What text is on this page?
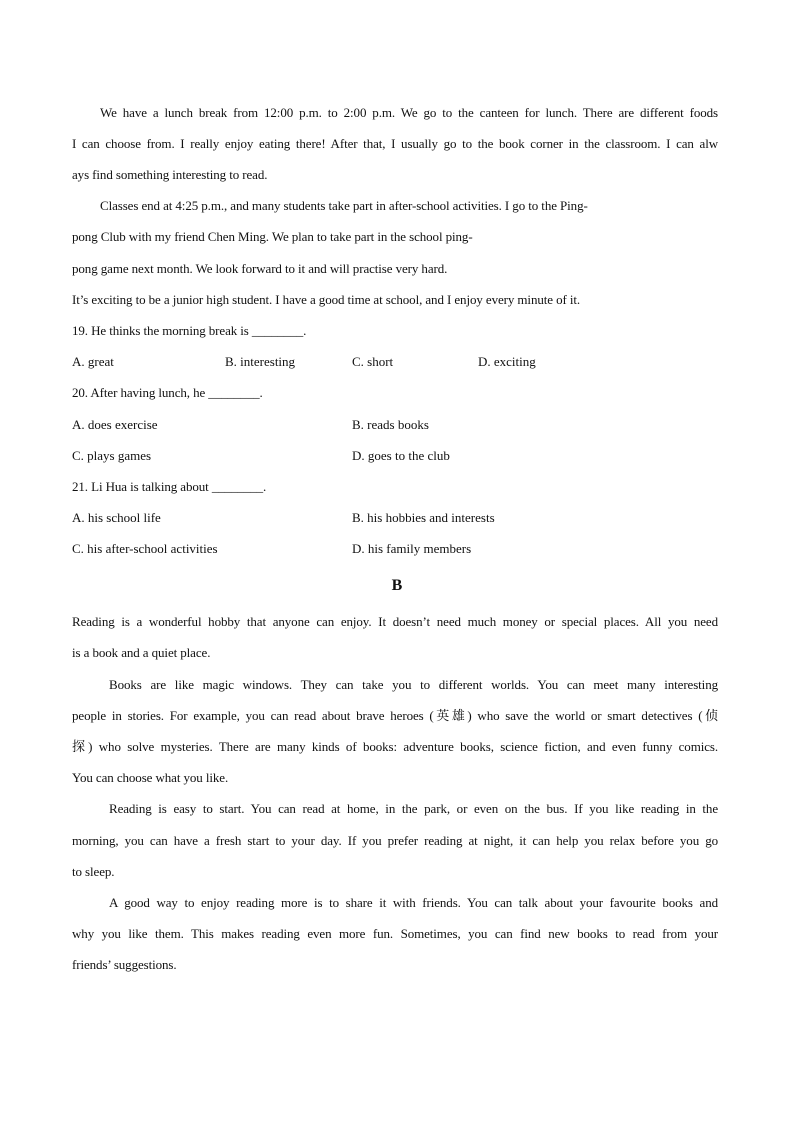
We have a lunch break from 12:00 p.m. to 2:00 p.m. We go to the canteen for lunch. There are different foods
I can choose from. I really enjoy eating there! After that, I usually go to the book corner in the classroom. I can alw
ays find something interesting to read.
Classes end at 4:25 p.m., and many students take part in after-school activities. I go to the Ping-
pong Club with my friend Chen Ming. We plan to take part in the school ping-
pong game next month. We look forward to it and will practise very hard.
It’s exciting to be a junior high student. I have a good time at school, and I enjoy every minute of it.
19. He thinks the morning break is ________.
A. great	B. interesting	C. short	D. exciting
20. After having lunch, he ________.
A. does exercise	B. reads books
C. plays games	D. goes to the club
21. Li Hua is talking about ________.
A. his school life	B. his hobbies and interests
C. his after-school activities	D. his family members
B
Reading is a wonderful hobby that anyone can enjoy. It doesn’t need much money or special places. All you need
is a book and a quiet place.
Books are like magic windows. They can take you to different worlds. You can meet many interesting
people in stories. For example, you can read about brave heroes (英雄) who save the world or smart detectives (侦
探) who solve mysteries. There are many kinds of books: adventure books, science fiction, and even funny comics.
You can choose what you like.
Reading is easy to start. You can read at home, in the park, or even on the bus. If you like reading in the
morning, you can have a fresh start to your day. If you prefer reading at night, it can help you relax before you go
to sleep.
A good way to enjoy reading more is to share it with friends. You can talk about your favourite books and
why you like them. This makes reading even more fun. Sometimes, you can find new books to read from your
friends’ suggestions.
